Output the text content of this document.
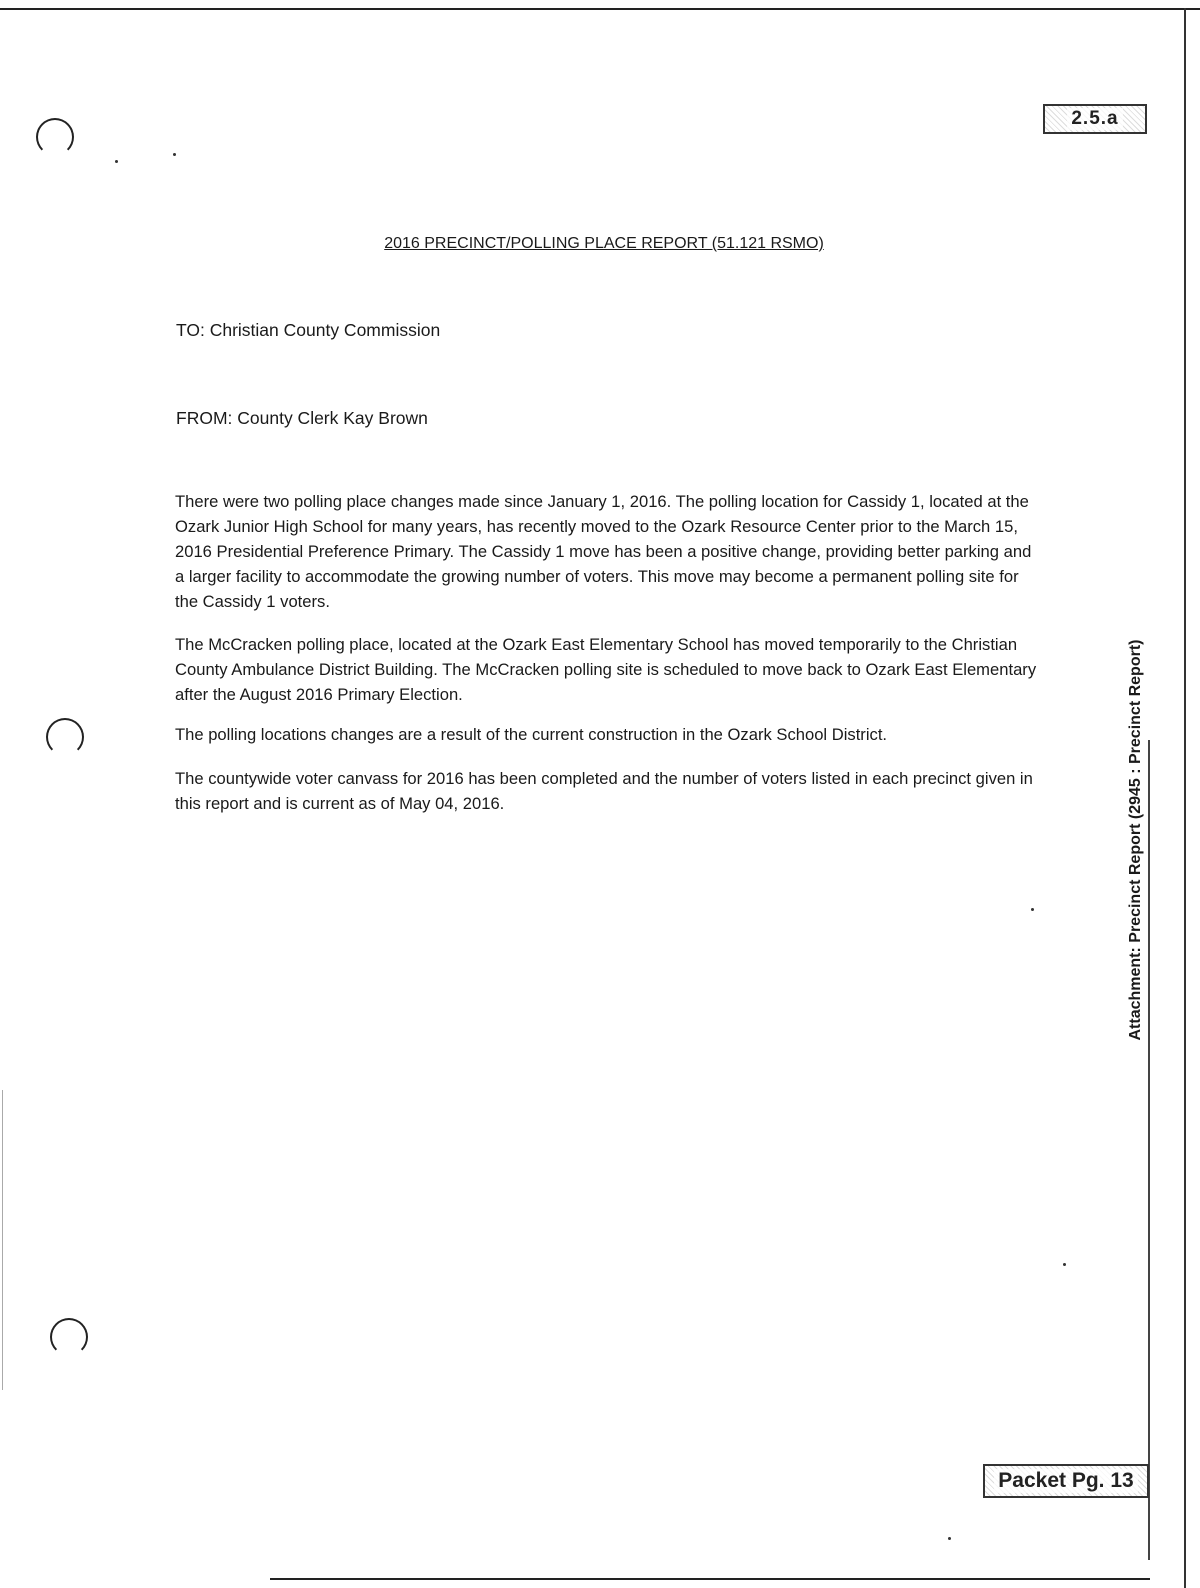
2.5.a
Packet Pg. 13
Attachment: Precinct Report (2945 : Precinct Report)
2016 PRECINCT/POLLING PLACE REPORT (51.121 RSMO)
TO: Christian County Commission
FROM: County Clerk Kay Brown

There were two polling place changes made since January 1, 2016. The polling location for Cassidy 1, located at the Ozark Junior High School for many years, has recently moved to the Ozark Resource Center prior to the March 15, 2016 Presidential Preference Primary. The Cassidy 1 move has been a positive change, providing better parking and a larger facility to accommodate the growing number of voters. This move may become a permanent polling site for the Cassidy 1 voters.

The McCracken polling place, located at the Ozark East Elementary School has moved temporarily to the Christian County Ambulance District Building. The McCracken polling site is scheduled to move back to Ozark East Elementary after the August 2016 Primary Election.

The polling locations changes are a result of the current construction in the Ozark School District.

The countywide voter canvass for 2016 has been completed and the number of voters listed in each precinct given in this report and is current as of May 04, 2016.
